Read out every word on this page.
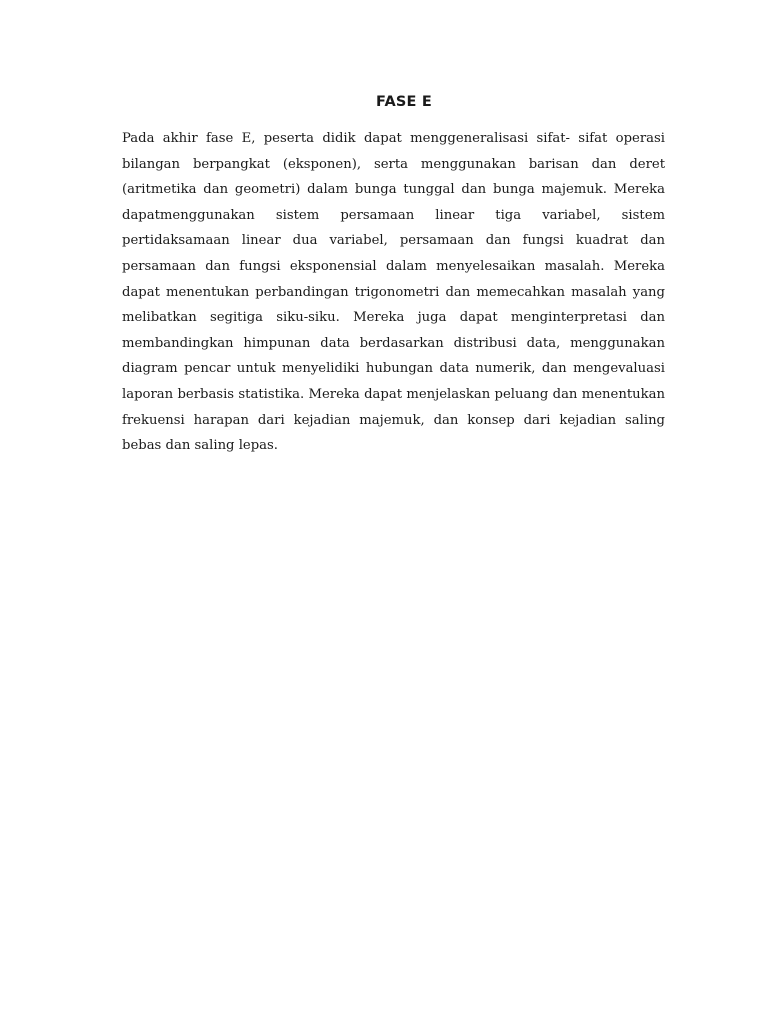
FASE E

Pada akhir fase E, peserta didik dapat menggeneralisasi sifat- sifat operasi bilangan berpangkat (eksponen), serta menggunakan barisan dan deret (aritmetika dan geometri) dalam bunga tunggal dan bunga majemuk. Mereka dapatmenggunakan sistem persamaan linear tiga variabel, sistem pertidaksamaan linear dua variabel, persamaan dan fungsi kuadrat dan persamaan dan fungsi eksponensial dalam menyelesaikan masalah. Mereka dapat menentukan perbandingan trigonometri dan memecahkan masalah yang melibatkan segitiga siku-siku. Mereka juga dapat menginterpretasi dan membandingkan himpunan data berdasarkan distribusi data, menggunakan diagram pencar untuk menyelidiki hubungan data numerik, dan mengevaluasi laporan berbasis statistika. Mereka dapat menjelaskan peluang dan menentukan frekuensi harapan dari kejadian majemuk, dan konsep dari kejadian saling bebas dan saling lepas.
